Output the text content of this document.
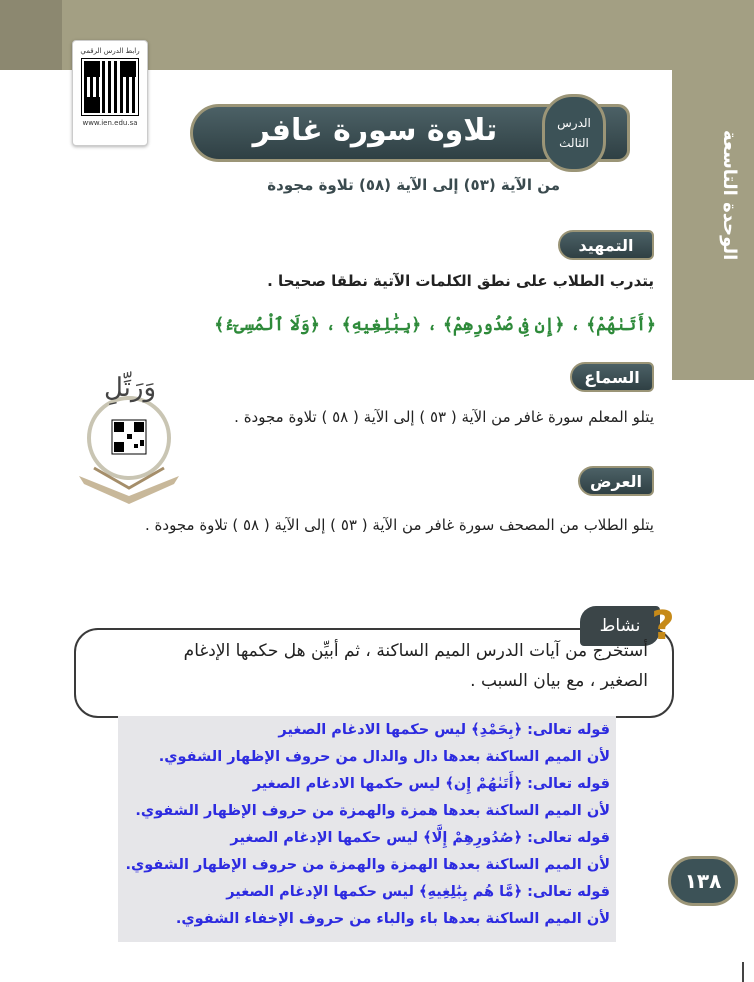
الوحدة التاسعة
رابط الدرس الرقمي
www.ien.edu.sa	تلاوة سورة غافر	الدرس
الثالث
من الآية (٥٣) إلى الآية (٥٨) تلاوة مجودة
التمهيد
يتدرب الطلاب على نطق الكلمات الآتية نطقا صحيحا .
﴿أَتَىٰهُمْ﴾ ، ﴿إِن فِى صُدُورِهِمْ﴾ ، ﴿بِبَٰلِغِيهِ﴾ ، ﴿وَلَا ٱلْمُسِىٓءُ﴾
السماع
يتلو المعلم سورة غافر من الآية ( ٥٣ ) إلى الآية ( ٥٨ ) تلاوة مجودة .
وَرَتِّلِ
العرض
يتلو الطلاب من المصحف سورة غافر من الآية ( ٥٣ ) إلى الآية ( ٥٨ ) تلاوة مجودة .
نشاط ?
أستخرج من آيات الدرس الميم الساكنة ، ثم أبيِّن هل حكمها الإدغام
الصغير ، مع بيان السبب .
قوله تعالى: ﴿بِحَمْدِ﴾ ليس حكمها الادغام الصغير
لأن الميم الساكنة بعدها دال والدال من حروف الإظهار الشفوي.
قوله تعالى: ﴿أَتَىٰهُمْ إِن﴾ ليس حكمها الادغام الصغير
لأن الميم الساكنة بعدها همزة والهمزة من حروف الإظهار الشفوي.
قوله تعالى: ﴿صُدُورِهِمْ إِلَّا﴾ ليس حكمها الإدغام الصغير
لأن الميم الساكنة بعدها الهمزة والهمزة من حروف الإظهار الشفوي.
قوله تعالى: ﴿مَّا هُم بِبَٰلِغِيهِ﴾ ليس حكمها الإدغام الصغير
لأن الميم الساكنة بعدها باء والباء من حروف الإخفاء الشفوي.
١٣٨
